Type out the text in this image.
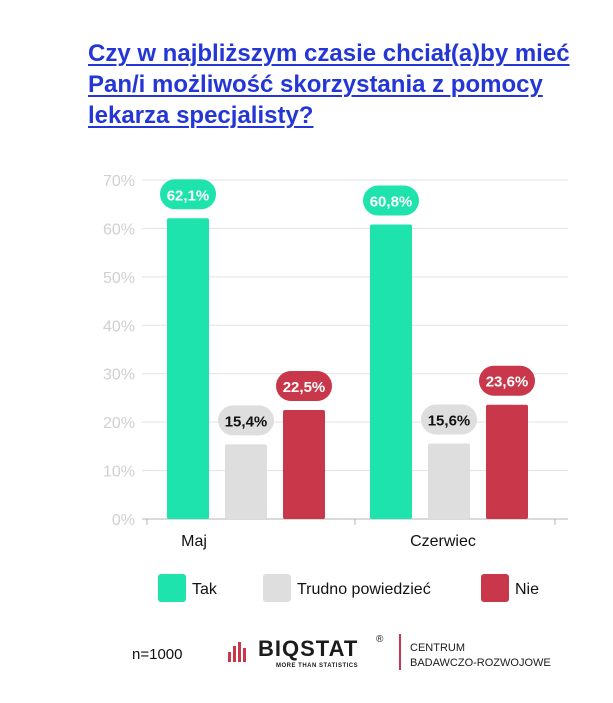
Czy w najbliższym czasie chciał(a)by mieć
Pan/i możliwość skorzystania z pomocy
lekarza specjalisty?
0%
10%
20%
30%
40%
50%
60%
70%
62,1%
15,4%
22,5%
Maj
60,8%
15,6%
23,6%
Czerwiec
Tak	Trudno powiedzieć	Nie
n=1000	BIQSTAT ®
MORE THAN STATISTICS
CENTRUM
BADAWCZO-ROZWOJOWE
